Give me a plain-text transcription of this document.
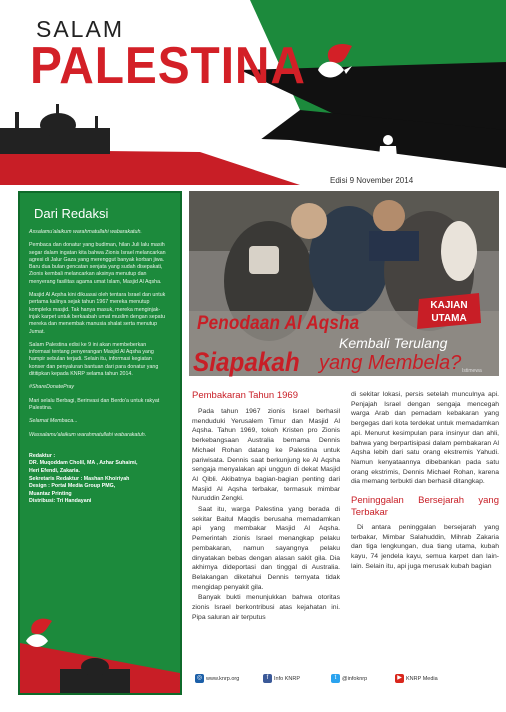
SALAM
PALESTINA
Edisi 9 November 2014
Dari Redaksi

Assalamu'alaikum warahmatullahi wabarakatuh.

Pembaca dan donatur yang budiman, hilan Juli lalu masih segar dalam ingatan kita bahwa Zionis Israel melancarkan agresi di Jalur Gaza yang merenggut banyak korban jiwa. Baru dua bulan gencatan senjata yang sudah disepakati, Zionis kembali melancarkan aksinya menutup dan menyerang fasilitas agama umat Islam, Masjid Al Aqsha.

Masjid Al Aqsha kini dikuasai oleh tentara Israel dan untuk pertama kalinya sejak tahun 1967 mereka menutup kompleks masjid. Tak hanya masuk, mereka menginjak-injak karpet untuk berkaabah umat muslim dengan sepatu mereka dan menembak manusia shalat serta menutup Jumat.

Salam Palestina edisi ke 9 ini akan membeberkan informasi tentang penyerangan Masjid Al Aqsha yang hampir sebulan terjadi. Selain itu, informasi kegiatan konser dan penyaluran bantuan dari para donatur yang dititipkan kepada KNRP selama tahun 2014.

#ShareDonatePray

Mari selalu Berbagi, Berinvasi dan Berdo'a untuk rakyat Palestina.

Selamat Membaca...

Wassalamu'alaikum warahmatullahi wabarakatuh.

Redaktur :
DR. Muqoddam Cholil, MA , Azhar Suhaimi,
Heri Efendi, Zakaria.
Sekretaris Redaktur : Mashan Khoiriyah
Design : Portal Media Group PMG,
Muantaz Printing
Distribusi: Tri Handayani
KAJIAN
UTAMA
Penodaan Al Aqsha
Kembali Terulang
Siapakah yang Membela? Istimewa
Pembakaran Tahun 1969

Pada tahun 1967 zionis Israel berhasil menduduki Yerusalem Timur dan Masjid Al Aqsha. Tahun 1969, tokoh Kristen pro Zionis berkebangsaan Australia bernama Dennis Michael Rohan datang ke Palestina untuk pariwisata. Dennis saat berkunjung ke Al Aqsha sengaja menyalakan api unggun di dekat Masjid Al Qibli. Akibatnya bagian-bagian penting dari Masjid Al Aqsha terbakar, termasuk mimbar Nuruddin Zengki.

Saat itu, warga Palestina yang berada di sekitar Baitul Maqdis berusaha memadamkan api yang membakar Masjid Al Aqsha. Pemerintah zionis Israel menangkap pelaku pembakaran, namun sayangnya pelaku dinyatakan bebas dengan alasan sakit gila. Dia akhirnya dideportasi dan tinggal di Australia. Belakangan diketahui Dennis ternyata tidak mengidap penyakit gila.

Banyak bukti menunjukkan bahwa otoritas zionis Israel berkontribusi atas kejahatan ini. Pipa saluran air terputus

di sekitar lokasi, persis setelah munculnya api. Penjajah Israel dengan sengaja mencegah warga Arab dan pemadam kebakaran yang bergegas dari kota terdekat untuk memadamkan api. Menurut kesimpulan para insinyur dan ahli, bahwa yang berpartisipasi dalam pembakaran Al Aqsha lebih dari satu orang ekstremis Yahudi. Namun kenyataannya dibebankan pada satu orang ekstrimis, Dennis Michael Rohan, karena dia memang terbukti dan berhasil ditangkap.

Peninggalan Bersejarah yang Terbakar

Di antara peninggalan bersejarah yang terbakar, Mimbar Salahuddin, Mihrab Zakaria dan tiga lengkungan, dua tiang utama, kubah kayu, 74 jendela kayu, semua karpet dan lain-lain. Selain itu, api juga merusak kubah bagian

◎ www.knrp.org	f Info KNRP	t @infoknrp	▶ KNRP Media
